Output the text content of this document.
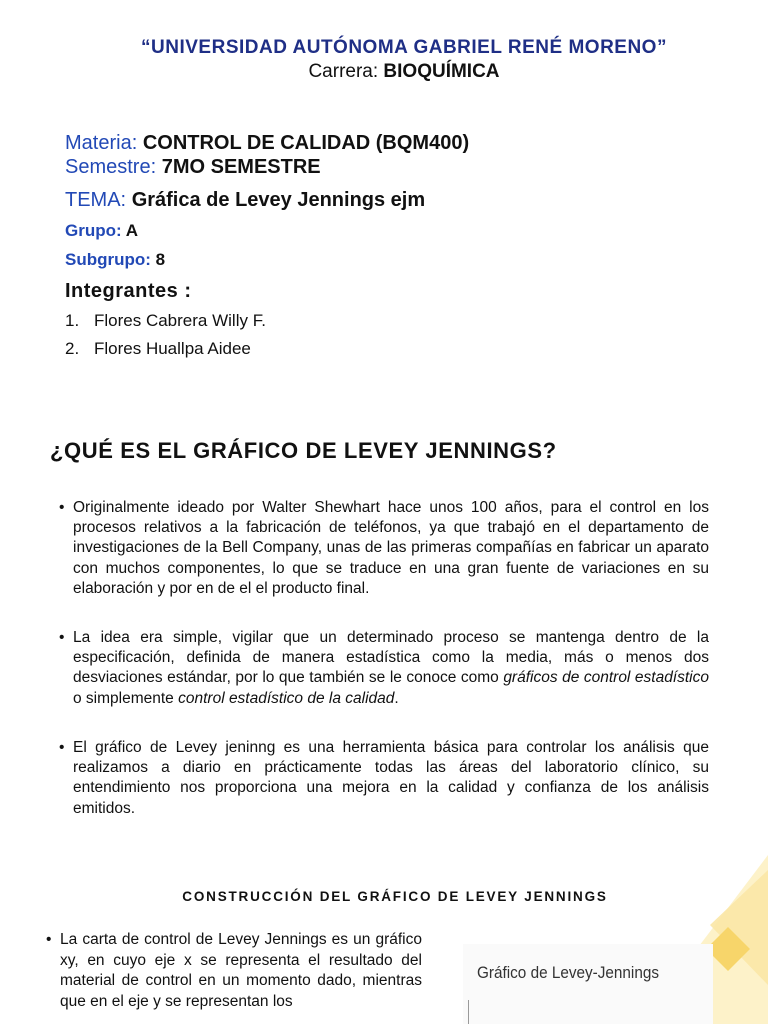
“UNIVERSIDAD AUTÓNOMA GABRIEL RENÉ MORENO”
Carrera: BIOQUÍMICA
Materia: CONTROL DE CALIDAD (BQM400)
Semestre: 7MO SEMESTRE
TEMA: Gráfica de Levey Jennings ejm
Grupo: A
Subgrupo: 8
Integrantes :
1. Flores Cabrera Willy F.
2. Flores Huallpa Aidee
¿QUÉ ES EL GRÁFICO DE LEVEY JENNINGS?
• Originalmente ideado por Walter Shewhart hace unos 100 años, para el control en los procesos relativos a la fabricación de teléfonos, ya que trabajó en el departamento de investigaciones de la Bell Company, unas de las primeras compañías en fabricar un aparato con muchos componentes, lo que se traduce en una gran fuente de variaciones en su elaboración y por en de el el producto final.
• La idea era simple, vigilar que un determinado proceso se mantenga dentro de la especificación, definida de manera estadística como la media, más o menos dos desviaciones estándar, por lo que también se le conoce como gráficos de control estadístico o simplemente control estadístico de la calidad.
• El gráfico de Levey jeninng es una herramienta básica para controlar los análisis que realizamos a diario en prácticamente todas las áreas del laboratorio clínico, su entendimiento nos proporciona una mejora en la calidad y confianza de los análisis emitidos.
CONSTRUCCIÓN DEL GRÁFICO DE LEVEY JENNINGS
• La carta de control de Levey Jennings es un gráfico xy, en cuyo eje x se representa el resultado del material de control en un momento dado, mientras que en el eje y se representan los
Gráfico de Levey-Jennings
